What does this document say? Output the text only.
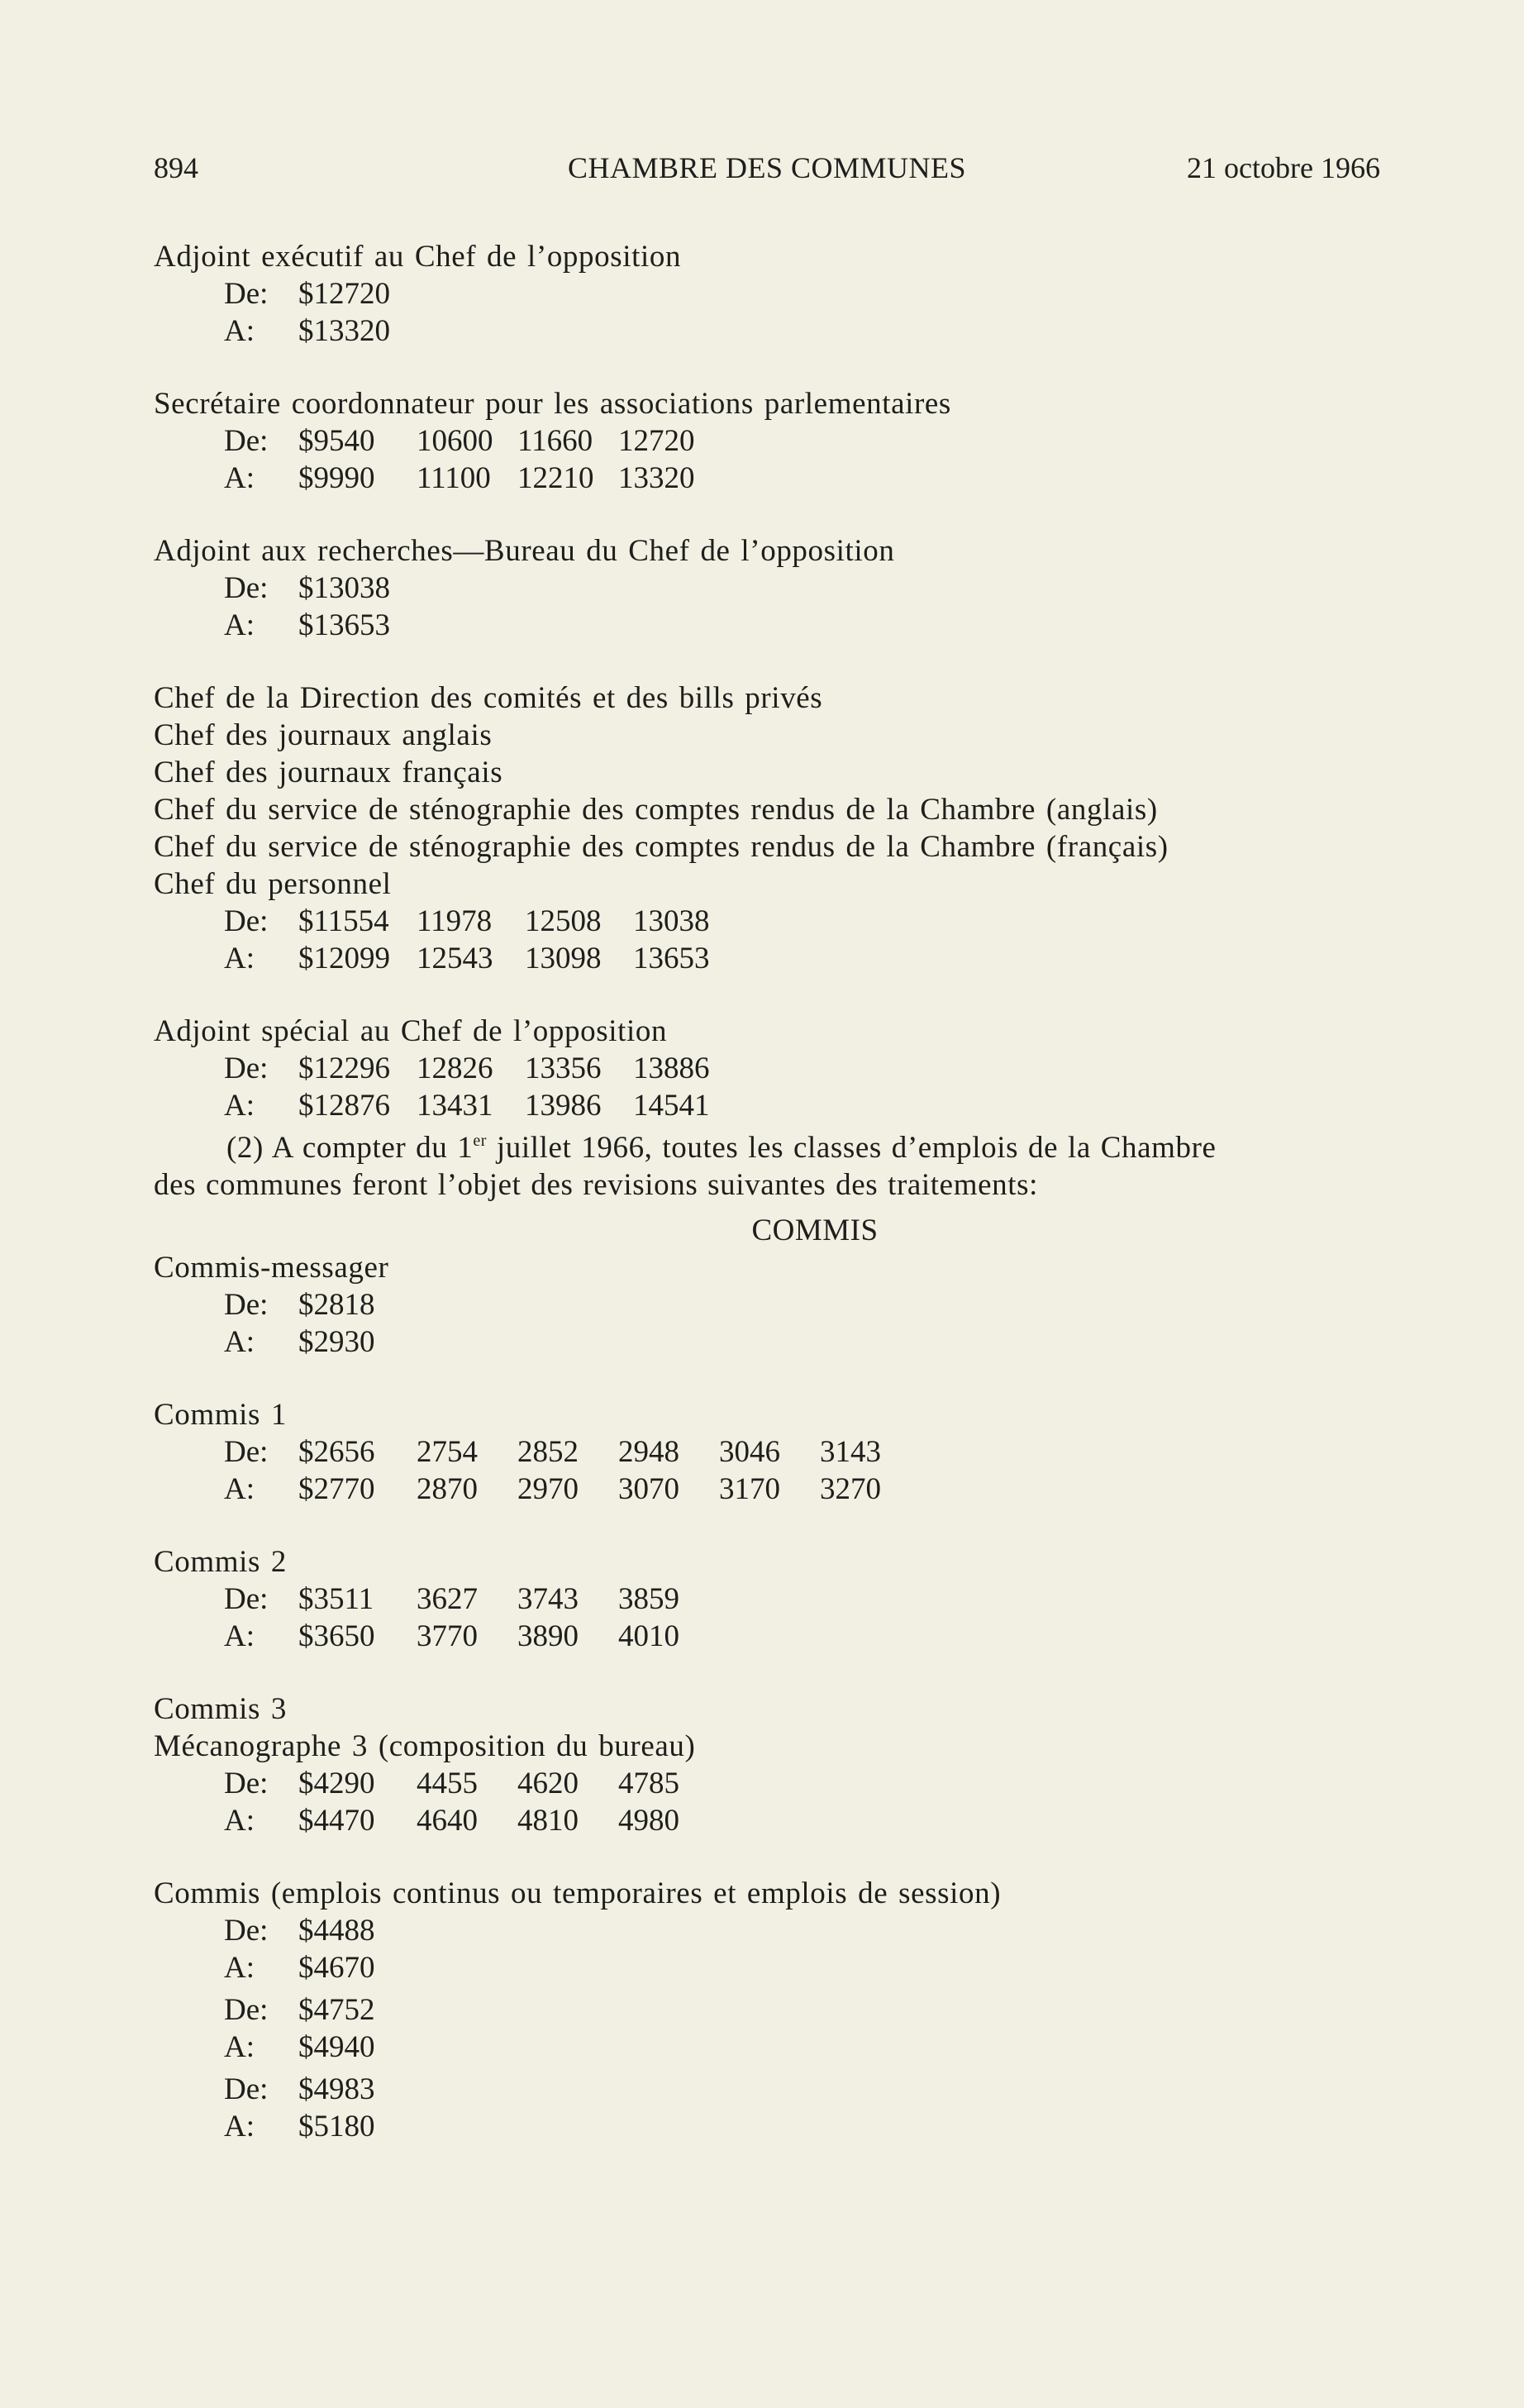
894	CHAMBRE DES COMMUNES	21 octobre 1966
Adjoint exécutif au Chef de l’opposition
De: $12720
A: $13320
Secrétaire coordonnateur pour les associations parlementaires
De: $9540 10600 11660 12720
A: $9990 11100 12210 13320
Adjoint aux recherches—Bureau du Chef de l’opposition
De: $13038
A: $13653
Chef de la Direction des comités et des bills privés
Chef des journaux anglais
Chef des journaux français
Chef du service de sténographie des comptes rendus de la Chambre (anglais)
Chef du service de sténographie des comptes rendus de la Chambre (français)
Chef du personnel
De: $11554 11978 12508 13038
A: $12099 12543 13098 13653
Adjoint spécial au Chef de l’opposition
De: $12296 12826 13356 13886
A: $12876 13431 13986 14541
(2) A compter du 1er juillet 1966, toutes les classes d’emplois de la Chambre
des communes feront l’objet des revisions suivantes des traitements:
COMMIS
Commis-messager
De: $2818
A: $2930
Commis 1
De: $2656 2754 2852 2948 3046 3143
A: $2770 2870 2970 3070 3170 3270
Commis 2
De: $3511 3627 3743 3859
A: $3650 3770 3890 4010
Commis 3
Mécanographe 3 (composition du bureau)
De: $4290 4455 4620 4785
A: $4470 4640 4810 4980
Commis (emplois continus ou temporaires et emplois de session)
De: $4488
A: $4670
De: $4752
A: $4940
De: $4983
A: $5180
